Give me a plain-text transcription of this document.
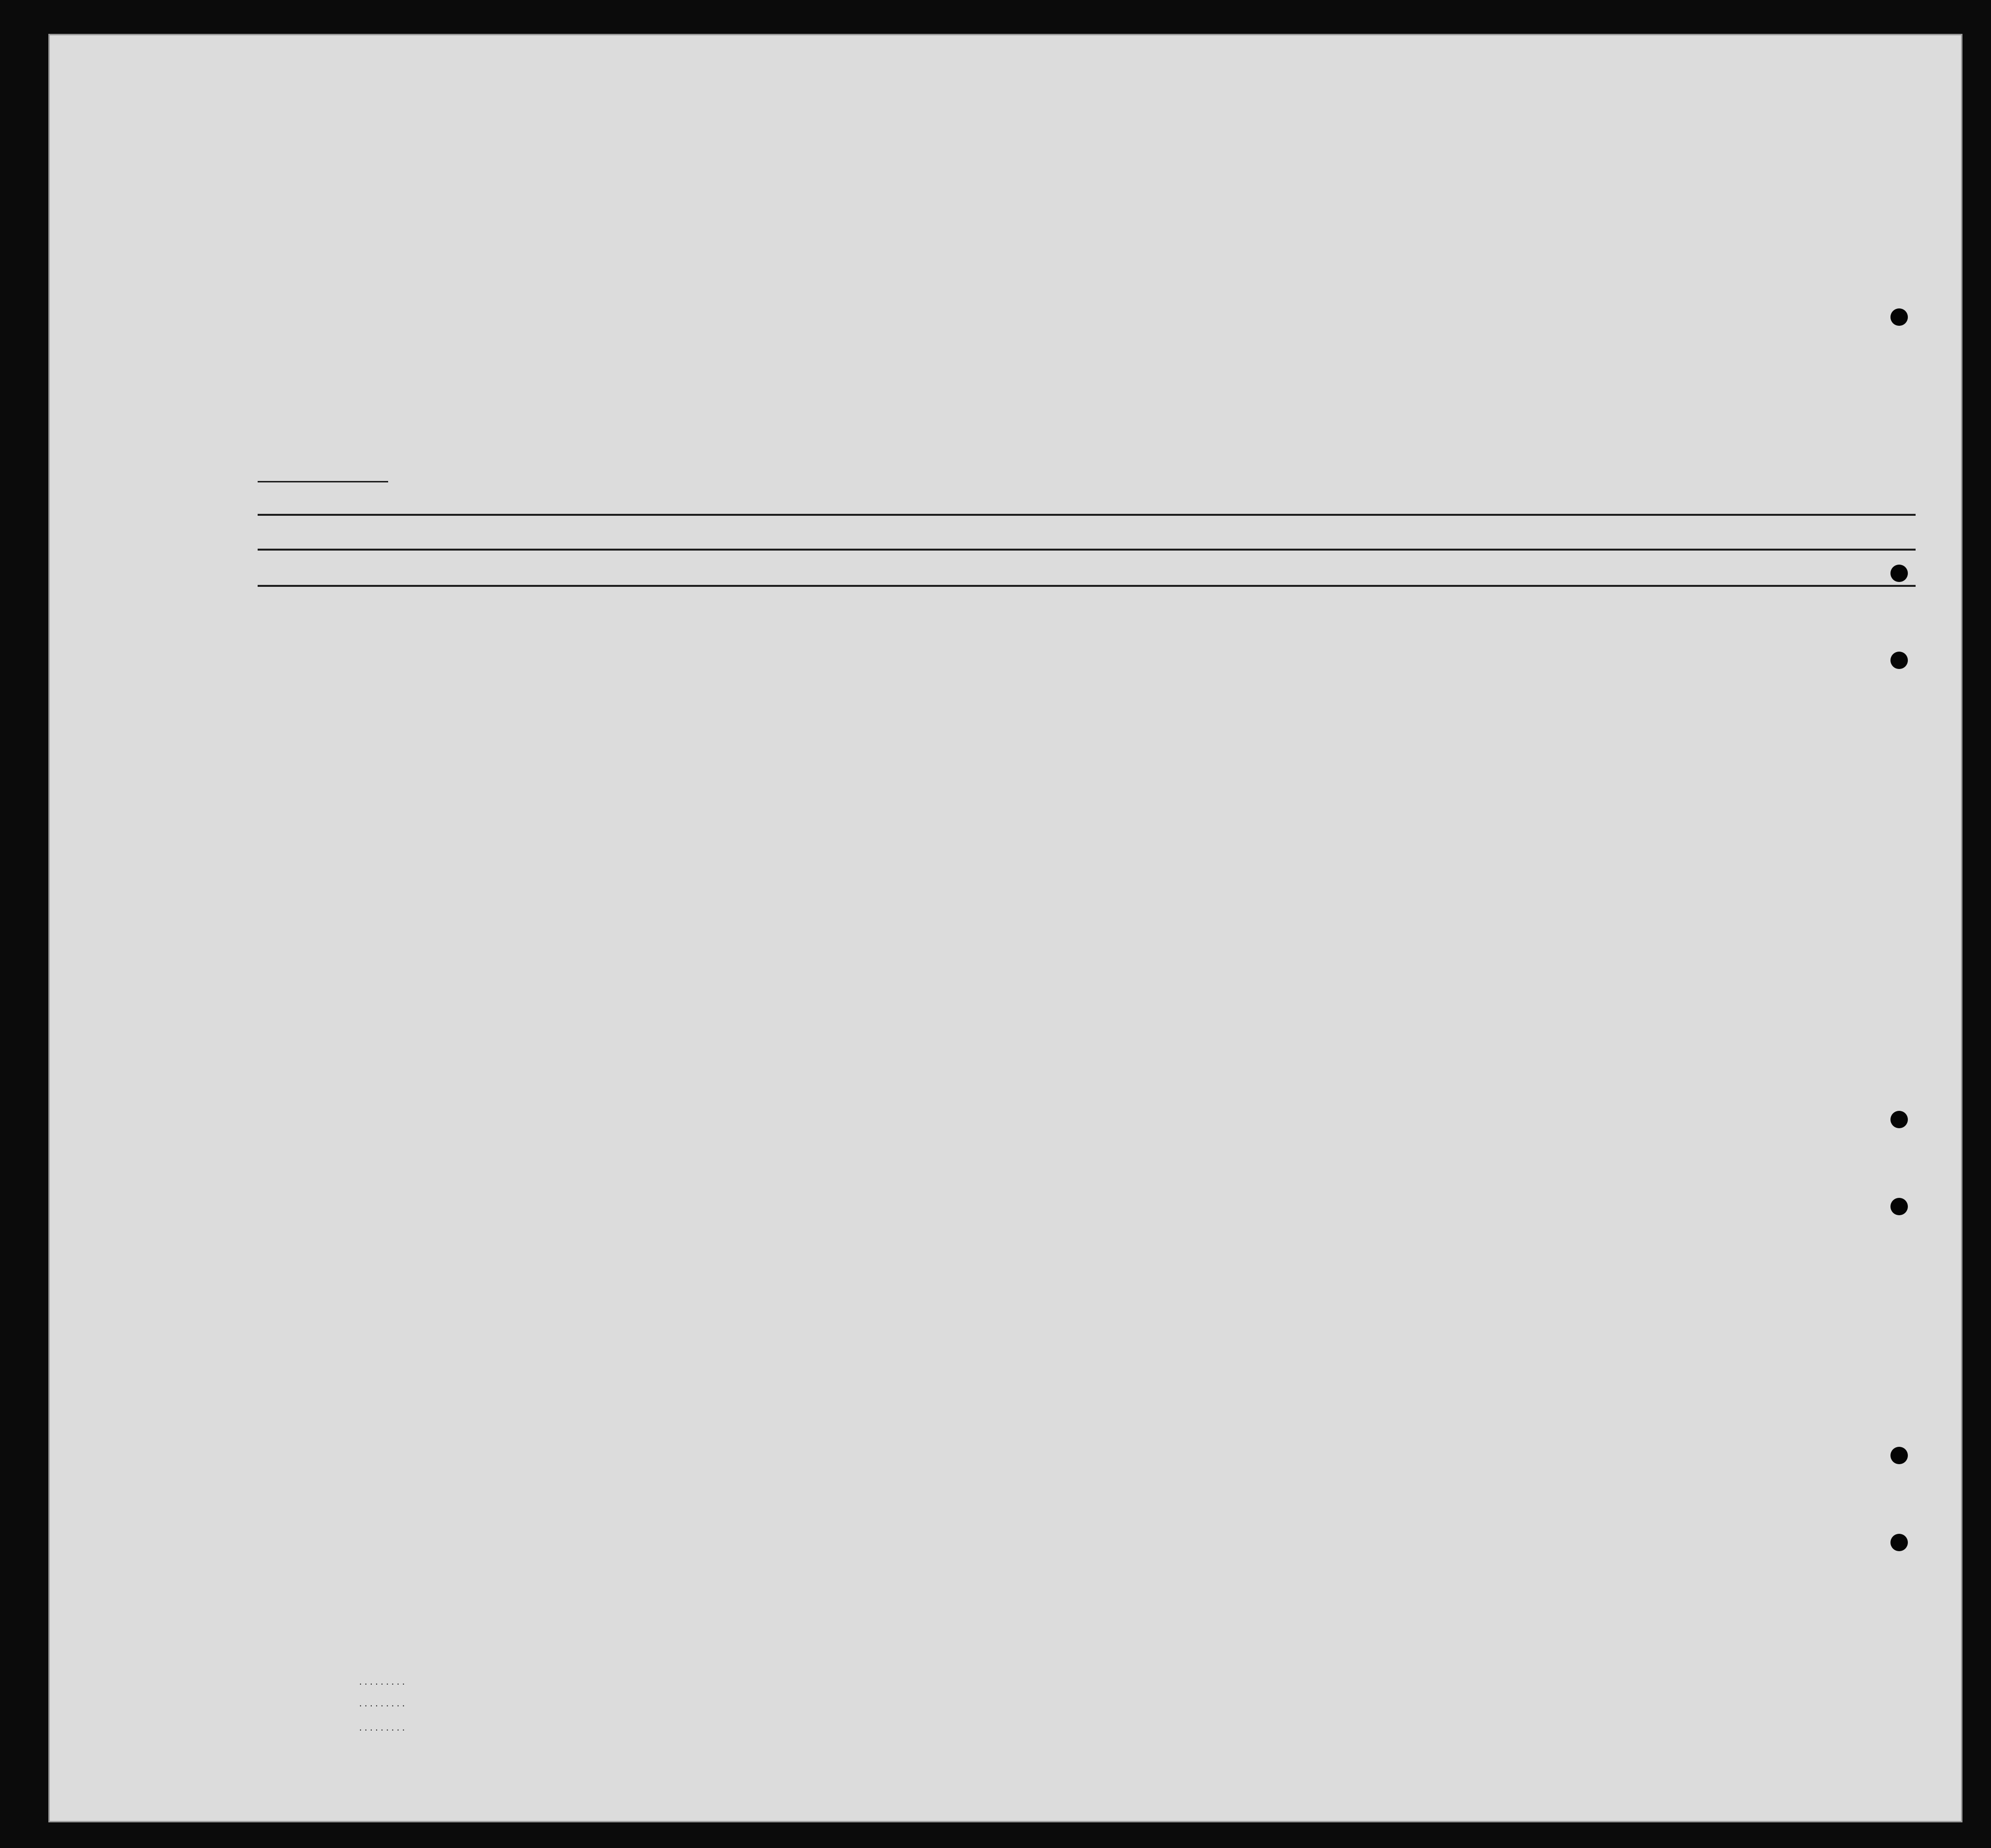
. . . . . . . . .
. . . . . . . . .
. . . . . . . . .
